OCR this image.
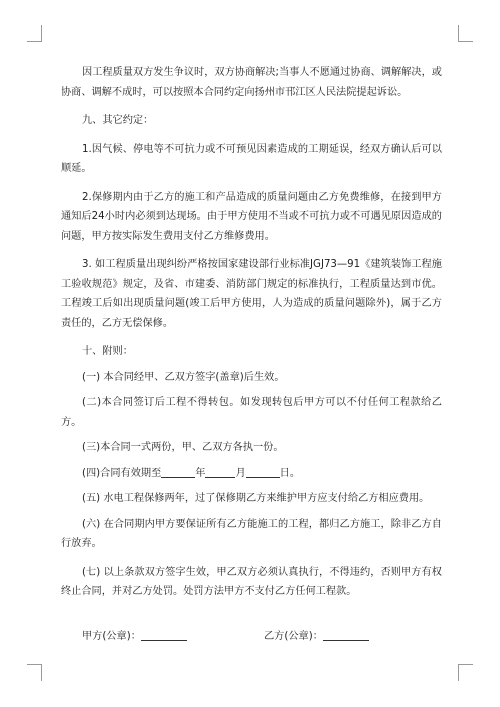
因工程质量双方发生争议时，双方协商解决;当事人不愿通过协商、调解解决，或协商、调解不成时，可以按照本合同约定向扬州市邗江区人民法院提起诉讼。

九、其它约定：

1.因气候、停电等不可抗力或不可预见因素造成的工期延误，经双方确认后可以顺延。

2.保修期内由于乙方的施工和产品造成的质量问题由乙方免费维修，在接到甲方通知后24小时内必须到达现场。由于甲方使用不当或不可抗力或不可遇见原因造成的问题，甲方按实际发生费用支付乙方维修费用。

3. 如工程质量出现纠纷严格按国家建设部行业标准JGJ73—91《建筑装饰工程施工验收规范》规定，及省、市建委、消防部门规定的标准执行，工程质量达到市优。工程竣工后如出现质量问题(竣工后甲方使用，人为造成的质量问题除外)，属于乙方责任的，乙方无偿保修。

十、附则：

(一) 本合同经甲、乙双方签字(盖章)后生效。

(二)本合同签订后工程不得转包。如发现转包后甲方可以不付任何工程款给乙方。

(三)本合同一式两份，甲、乙双方各执一份。

(四)合同有效期至	年	月	日。

(五) 水电工程保修两年，过了保修期乙方来维护甲方应支付给乙方相应费用。

(六) 在合同期内甲方要保证所有乙方能施工的工程，都归乙方施工，除非乙方自行放弃。

(七) 以上条款双方签字生效，甲乙双方必须认真执行，不得违约，否则甲方有权终止合同，并对乙方处罚。处罚方法甲方不支付乙方任何工程款。

甲方(公章)：	乙方(公章)：
